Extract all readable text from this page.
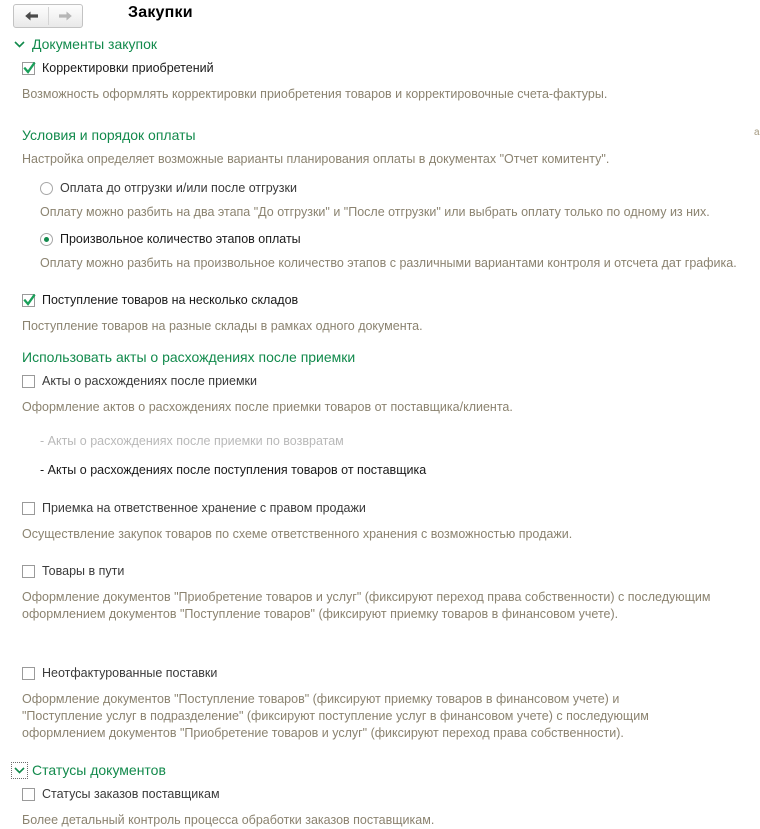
Закупки
Документы закупок
Корректировки приобретений
Возможность оформлять корректировки приобретения товаров и корректировочные счета-фактуры.
Условия и порядок оплаты
Настройка определяет возможные варианты планирования оплаты в документах "Отчет комитенту".
Оплата до отгрузки и/или после отгрузки
Оплату можно разбить на два этапа "До отгрузки" и "После отгрузки" или выбрать оплату только по одному из них.
Произвольное количество этапов оплаты
Оплату можно разбить на произвольное количество этапов с различными вариантами контроля и отсчета дат графика.
Поступление товаров на несколько складов
Поступление товаров на разные склады в рамках одного документа.
Использовать акты о расхождениях после приемки
Акты о расхождениях после приемки
Оформление актов о расхождениях после приемки товаров от поставщика/клиента.
- Акты о расхождениях после приемки по возвратам
- Акты о расхождениях после поступления товаров от поставщика
Приемка на ответственное хранение с правом продажи
Осуществление закупок товаров по схеме ответственного хранения с возможностью продажи.
Товары в пути
Оформление документов "Приобретение товаров и услуг" (фиксируют переход права собственности) с последующим
оформлением документов "Поступление товаров" (фиксируют приемку товаров в финансовом учете).
Неотфактурованные поставки
Оформление документов "Поступление товаров" (фиксируют приемку товаров в финансовом учете) и
"Поступление услуг в подразделение" (фиксируют поступление услуг в финансовом учете) с последующим
оформлением документов "Приобретение товаров и услуг" (фиксируют переход права собственности).
Статусы документов
Статусы заказов поставщикам
Более детальный контроль процесса обработки заказов поставщикам.
а
